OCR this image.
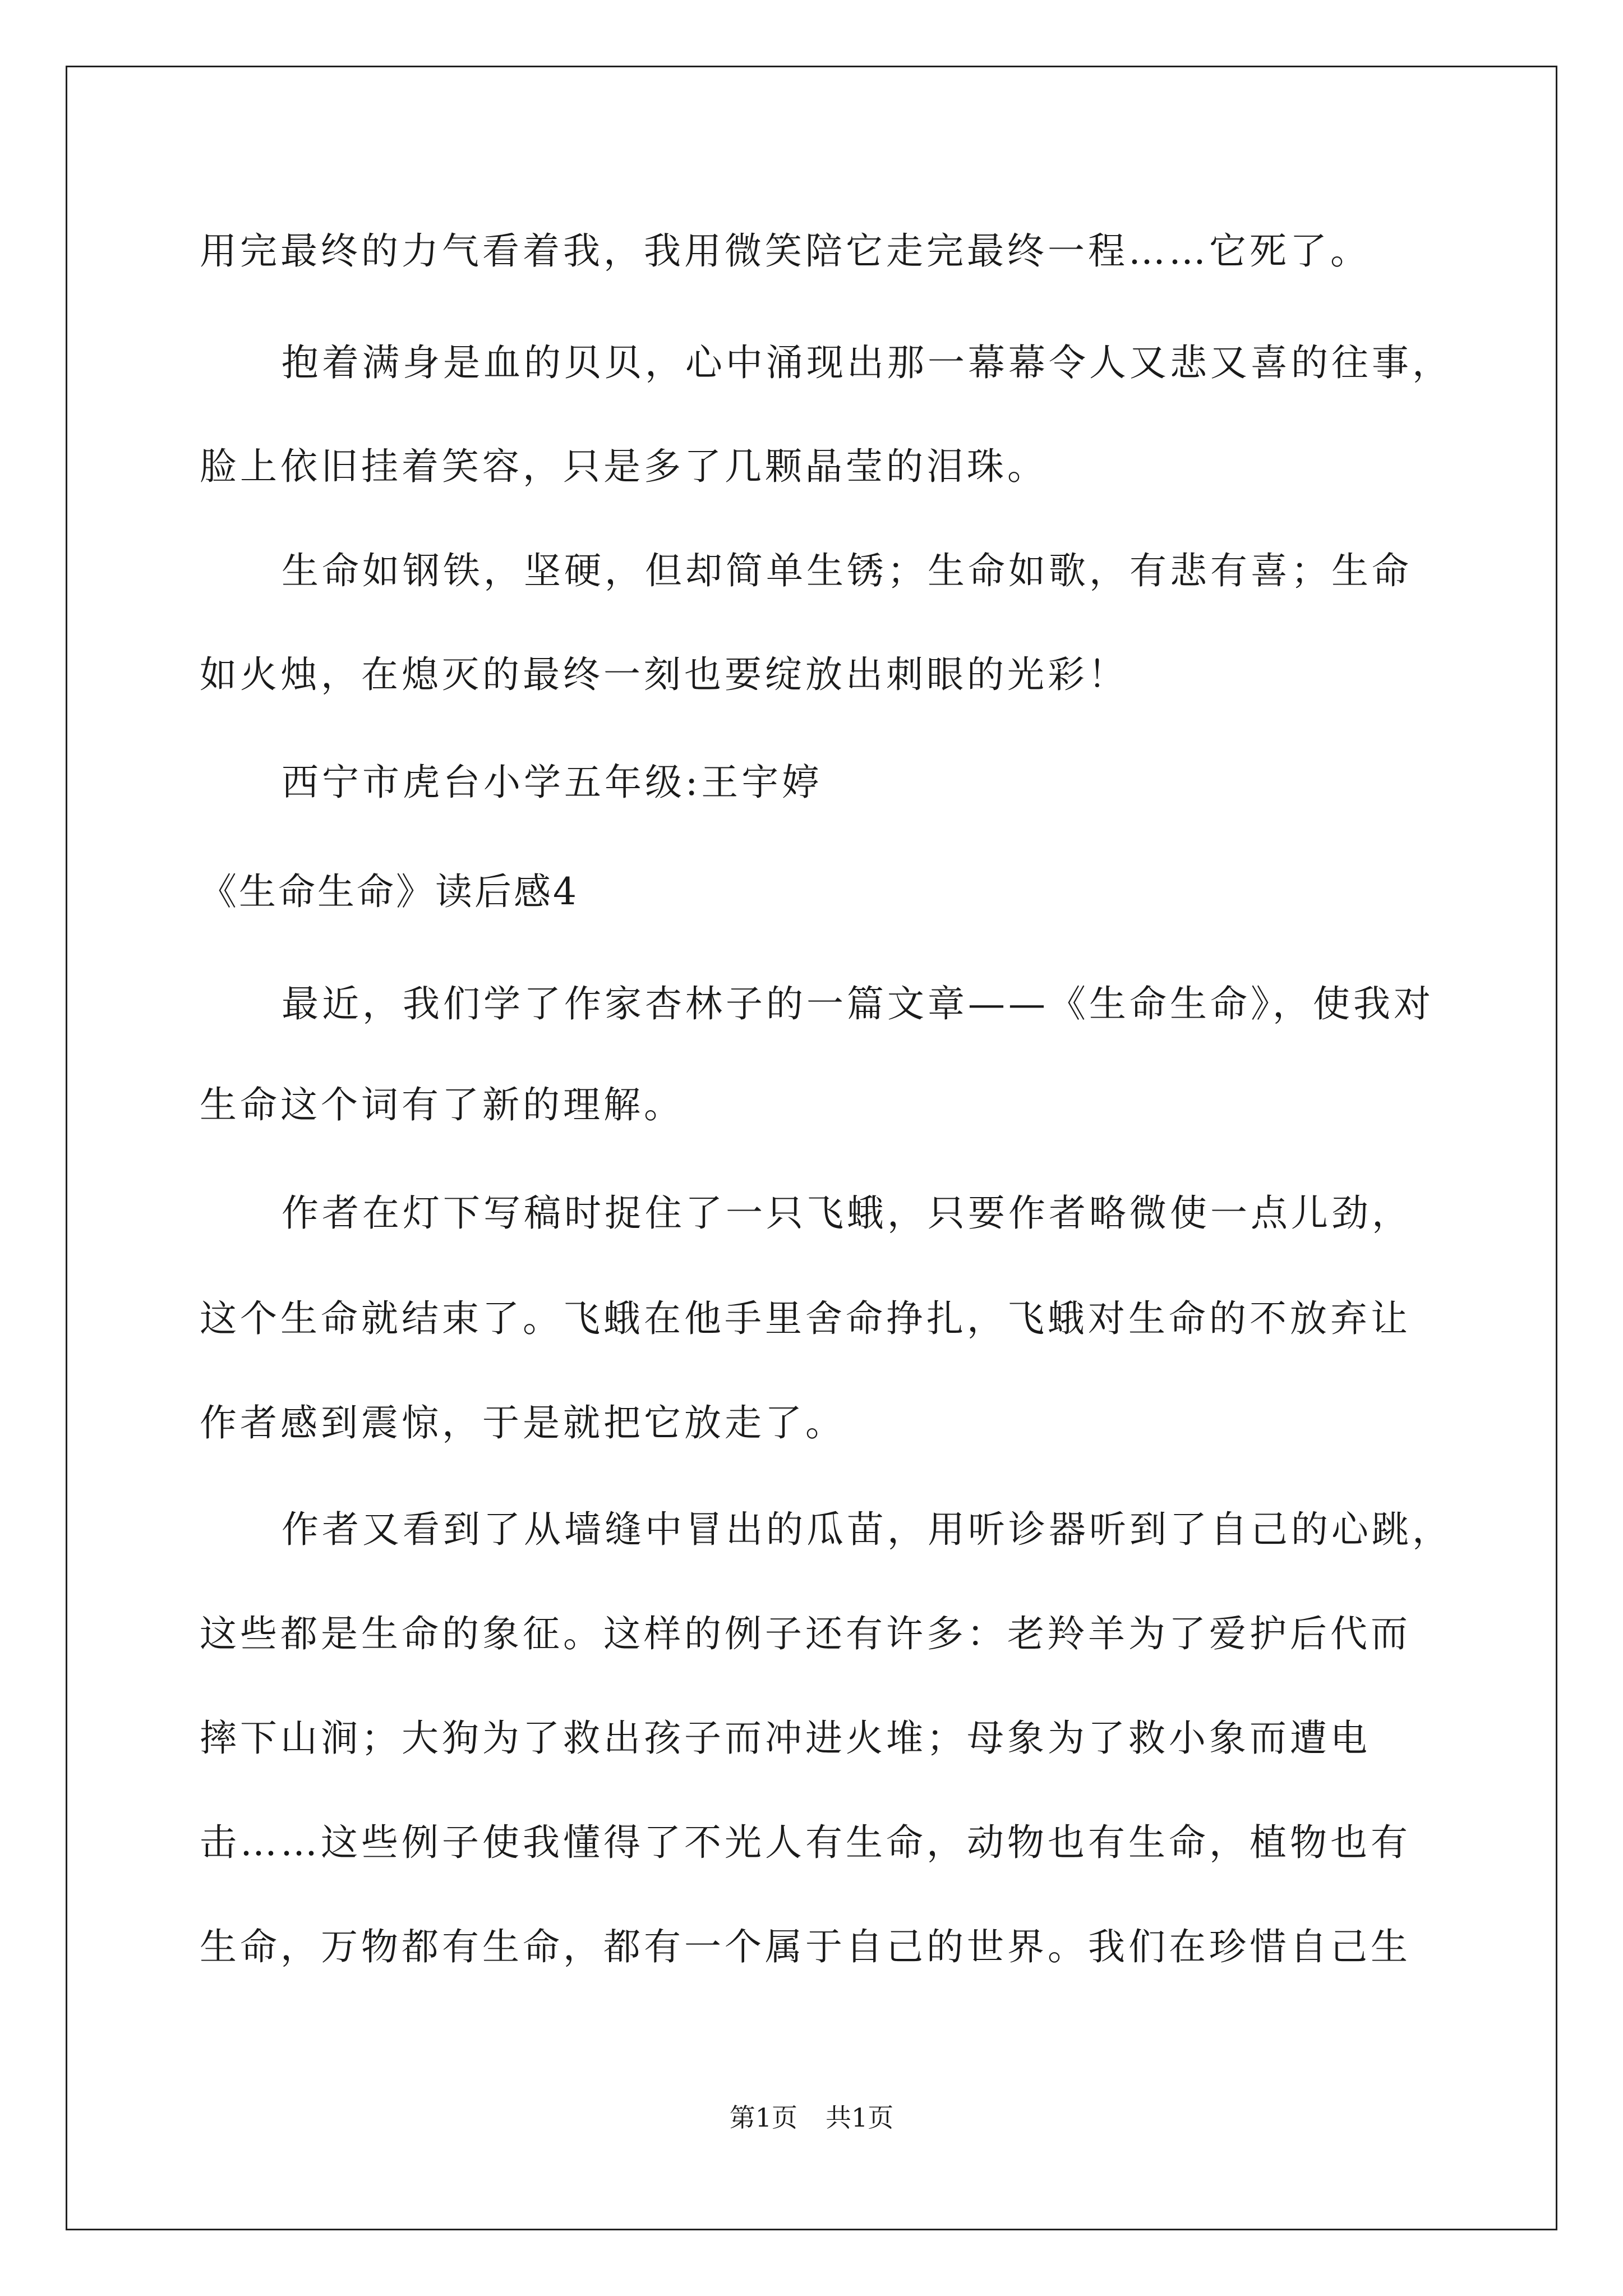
用完最终的力气看着我，我用微笑陪它走完最终一程……它死了。
抱着满身是血的贝贝，心中涌现出那一幕幕令人又悲又喜的往事，
脸上依旧挂着笑容，只是多了几颗晶莹的泪珠。
生命如钢铁，坚硬，但却简单生锈；生命如歌，有悲有喜；生命
如火烛，在熄灭的最终一刻也要绽放出刺眼的光彩！
西宁市虎台小学五年级:王宇婷
《生命生命》读后感4
最近，我们学了作家杏林子的一篇文章——《生命生命》，使我对
生命这个词有了新的理解。
作者在灯下写稿时捉住了一只飞蛾，只要作者略微使一点儿劲，
这个生命就结束了。飞蛾在他手里舍命挣扎，飞蛾对生命的不放弃让
作者感到震惊，于是就把它放走了。
作者又看到了从墙缝中冒出的瓜苗，用听诊器听到了自己的心跳，
这些都是生命的象征。这样的例子还有许多：老羚羊为了爱护后代而
摔下山涧；大狗为了救出孩子而冲进火堆；母象为了救小象而遭电
击……这些例子使我懂得了不光人有生命，动物也有生命，植物也有
生命，万物都有生命，都有一个属于自己的世界。我们在珍惜自己生
第1页 共1页
